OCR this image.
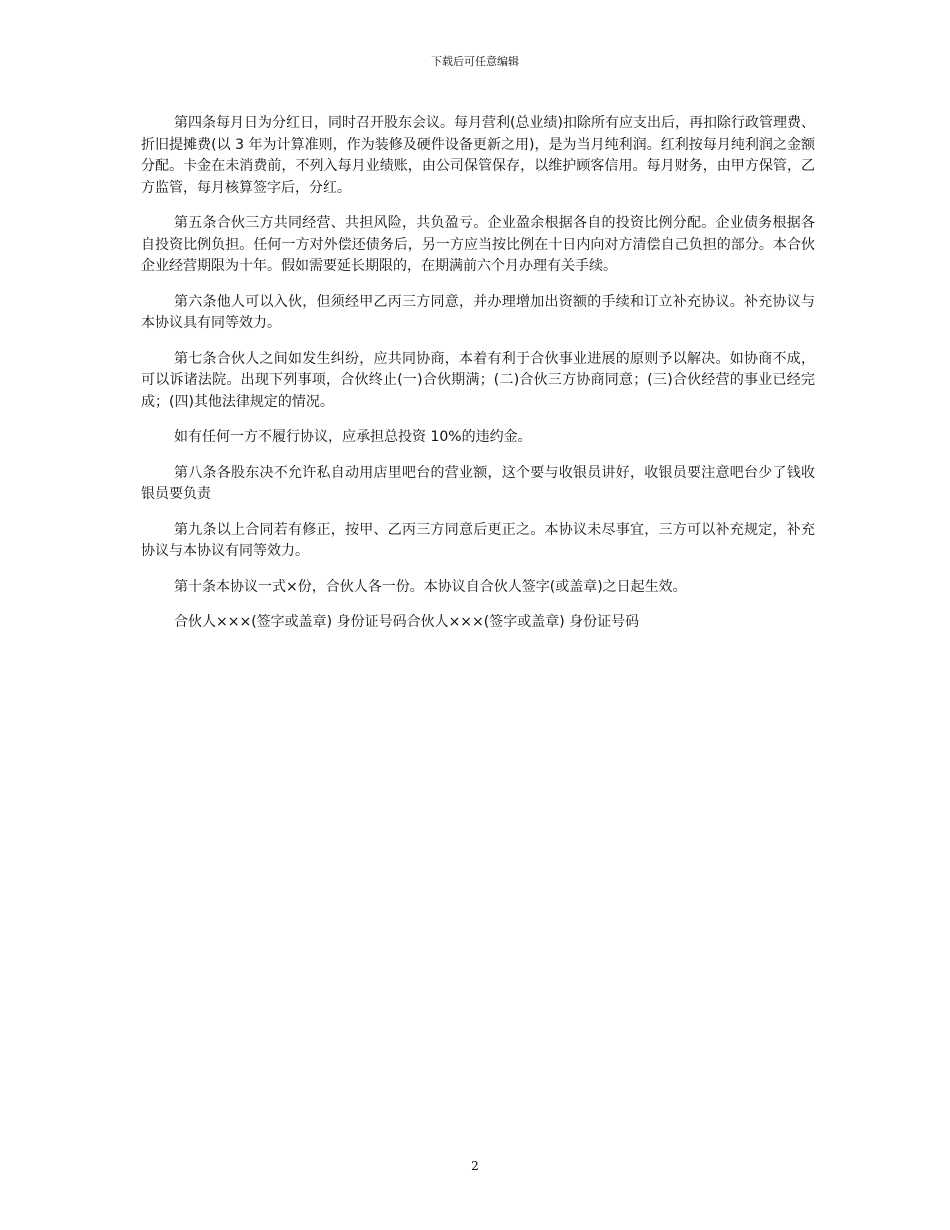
下载后可任意编辑

第四条每月日为分红日，同时召开股东会议。每月营利(总业绩)扣除所有应支出后，再扣除行政管理费、折旧提摊费(以 3 年为计算准则，作为装修及硬件设备更新之用)，是为当月纯利润。红利按每月纯利润之金额分配。卡金在未消费前，不列入每月业绩账，由公司保管保存，以维护顾客信用。每月财务，由甲方保管，乙方监管，每月核算签字后，分红。

第五条合伙三方共同经营、共担风险，共负盈亏。企业盈余根据各自的投资比例分配。企业债务根据各自投资比例负担。任何一方对外偿还债务后，另一方应当按比例在十日内向对方清偿自己负担的部分。本合伙企业经营期限为十年。假如需要延长期限的，在期满前六个月办理有关手续。

第六条他人可以入伙，但须经甲乙丙三方同意，并办理增加出资额的手续和订立补充协议。补充协议与本协议具有同等效力。

第七条合伙人之间如发生纠纷，应共同协商，本着有利于合伙事业进展的原则予以解决。如协商不成，可以诉诸法院。出现下列事项，合伙终止(一)合伙期满；(二)合伙三方协商同意；(三)合伙经营的事业已经完成；(四)其他法律规定的情况。

如有任何一方不履行协议，应承担总投资 10%的违约金。

第八条各股东决不允许私自动用店里吧台的营业额，这个要与收银员讲好，收银员要注意吧台少了钱收银员要负责

第九条以上合同若有修正，按甲、乙丙三方同意后更正之。本协议未尽事宜，三方可以补充规定，补充协议与本协议有同等效力。

第十条本协议一式×份，合伙人各一份。本协议自合伙人签字(或盖章)之日起生效。

合伙人×××(签字或盖章) 身份证号码合伙人×××(签字或盖章) 身份证号码

2
